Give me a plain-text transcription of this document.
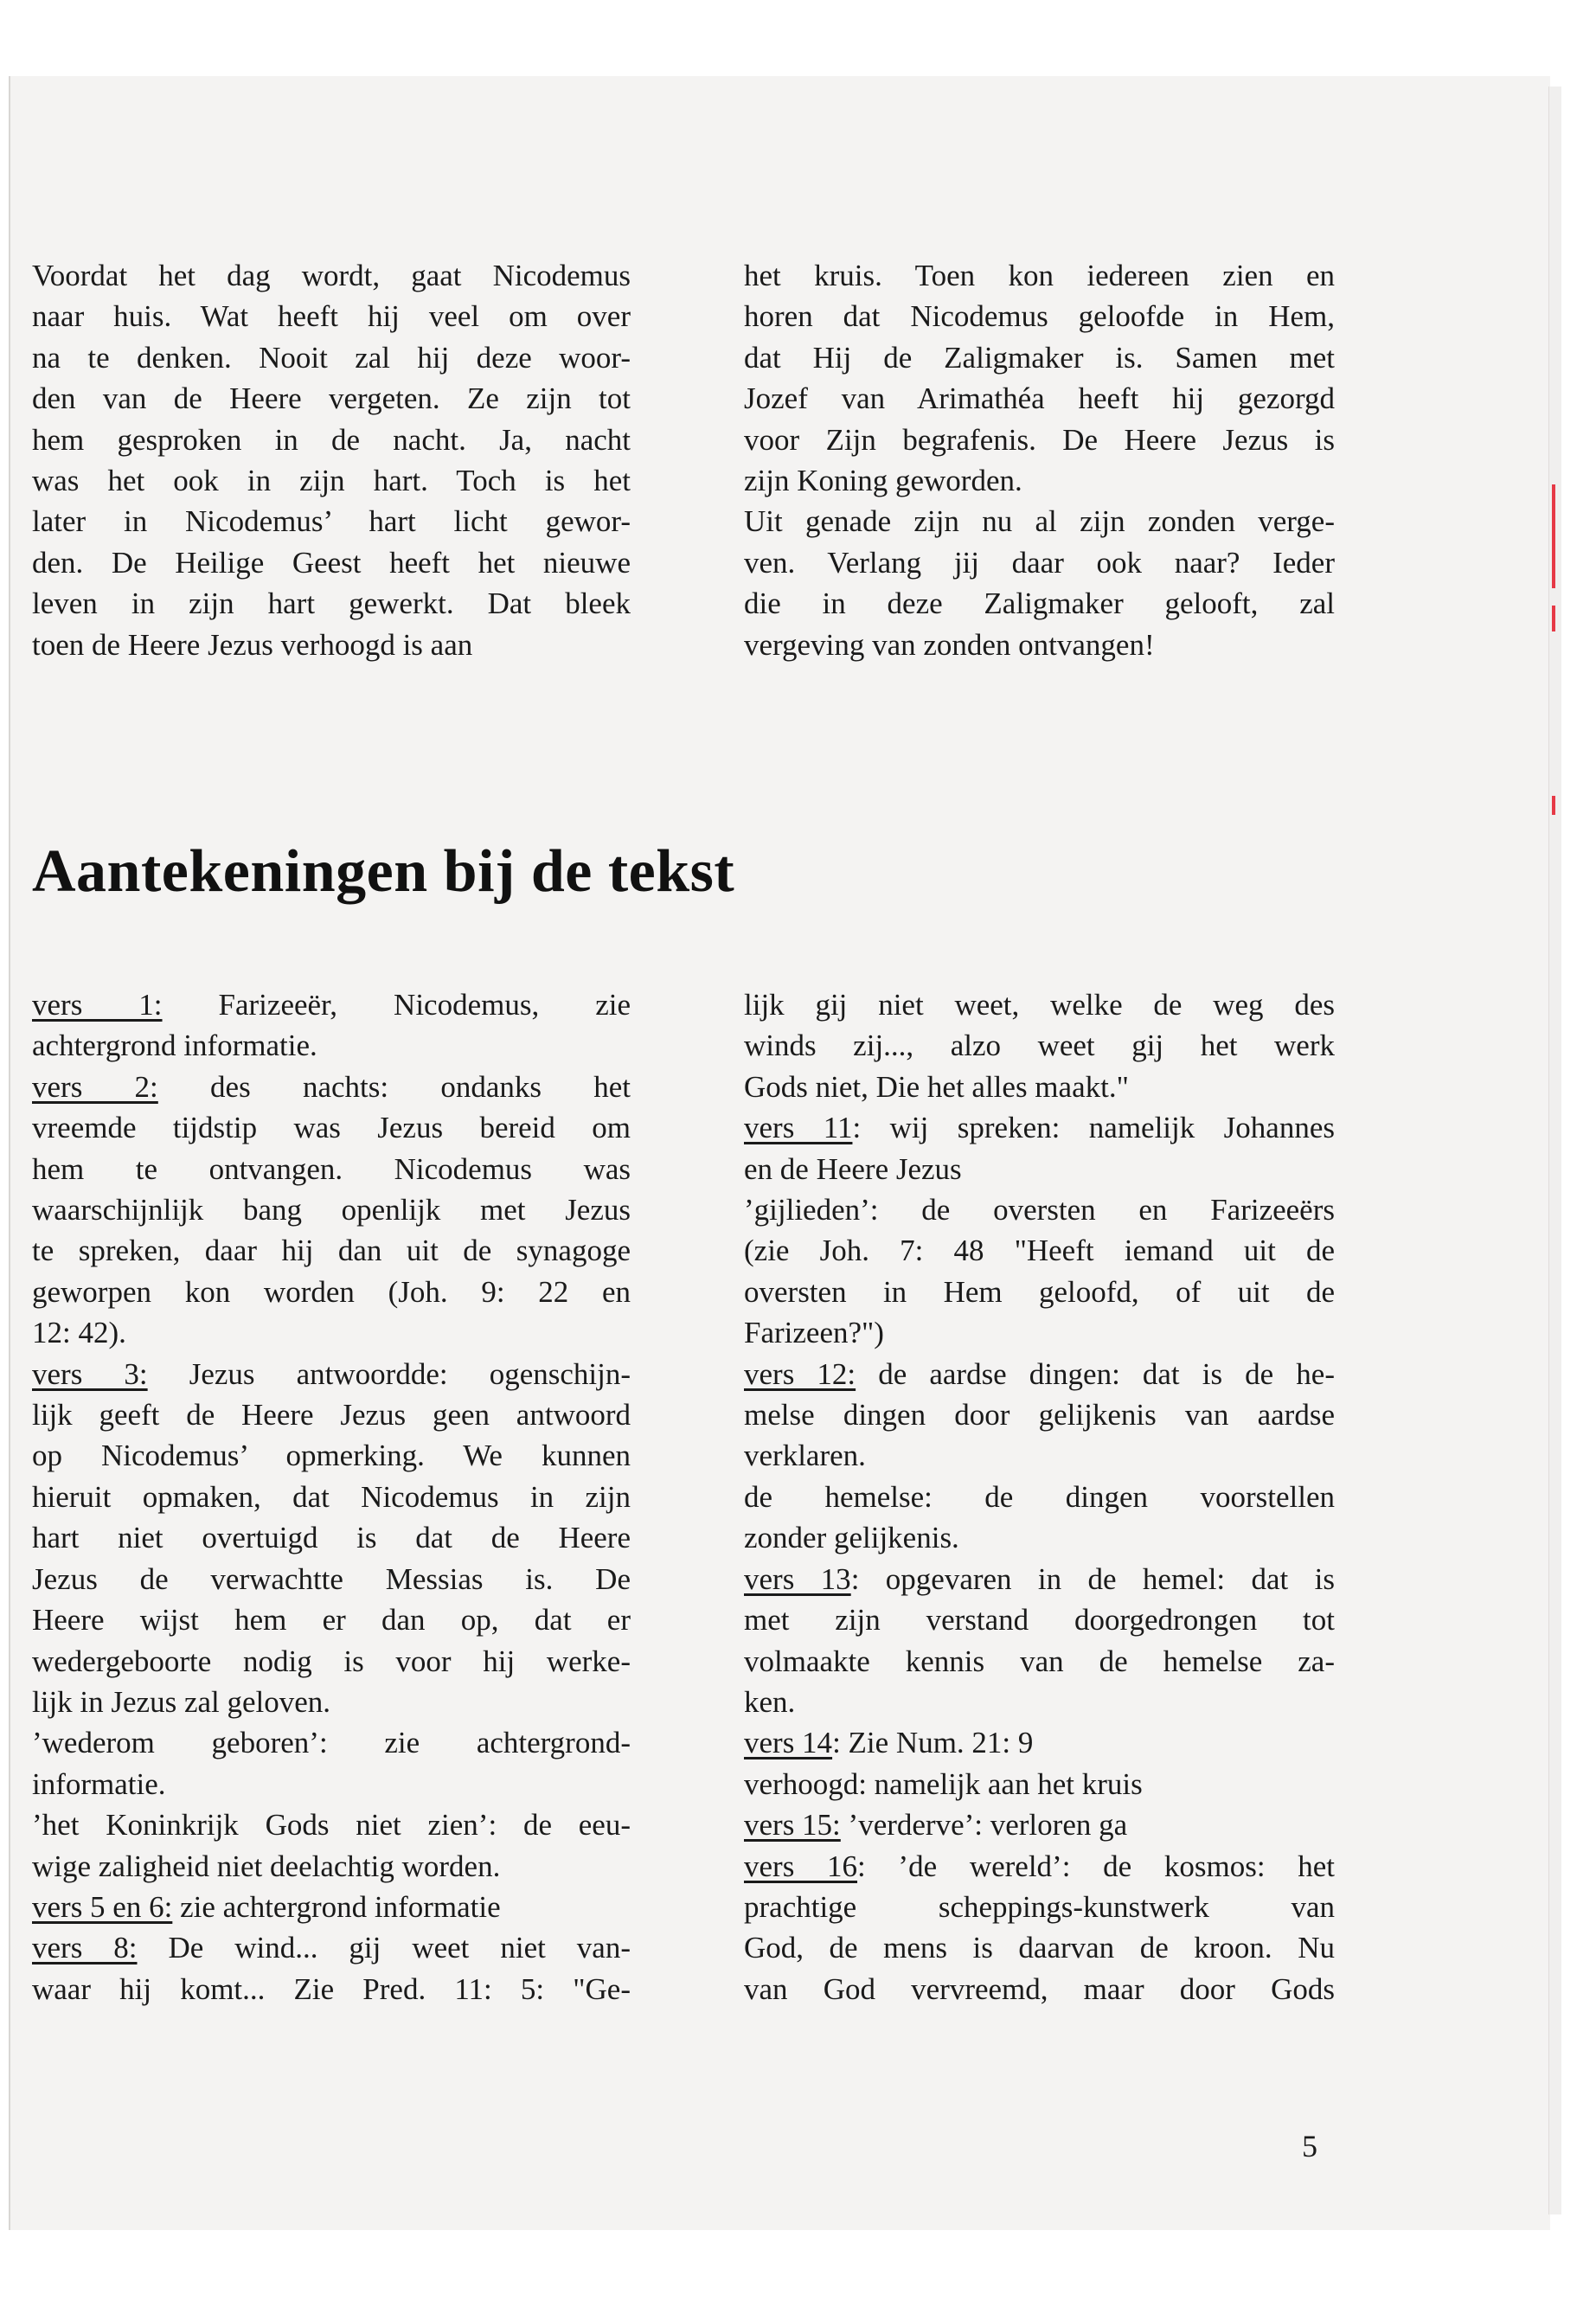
Voordat het dag wordt, gaat Nicodemus
naar huis. Wat heeft hij veel om over
na te denken. Nooit zal hij deze woor-
den van de Heere vergeten. Ze zijn tot
hem gesproken in de nacht. Ja, nacht
was het ook in zijn hart. Toch is het
later in Nicodemus’ hart licht gewor-
den. De Heilige Geest heeft het nieuwe
leven in zijn hart gewerkt. Dat bleek
toen de Heere Jezus verhoogd is aan
het kruis. Toen kon iedereen zien en
horen dat Nicodemus geloofde in Hem,
dat Hij de Zaligmaker is. Samen met
Jozef van Arimathéa heeft hij gezorgd
voor Zijn begrafenis. De Heere Jezus is
zijn Koning geworden.
Uit genade zijn nu al zijn zonden verge-
ven. Verlang jij daar ook naar? Ieder
die in deze Zaligmaker gelooft, zal
vergeving van zonden ontvangen!
Aantekeningen bij de tekst
vers 1: Farizeeër, Nicodemus, zie
achtergrond informatie.
vers 2: des nachts: ondanks het
vreemde tijdstip was Jezus bereid om
hem te ontvangen. Nicodemus was
waarschijnlijk bang openlijk met Jezus
te spreken, daar hij dan uit de synagoge
geworpen kon worden (Joh. 9: 22 en
12: 42).
vers 3: Jezus antwoordde: ogenschijn-
lijk geeft de Heere Jezus geen antwoord
op Nicodemus’ opmerking. We kunnen
hieruit opmaken, dat Nicodemus in zijn
hart niet overtuigd is dat de Heere
Jezus de verwachtte Messias is. De
Heere wijst hem er dan op, dat er
wedergeboorte nodig is voor hij werke-
lijk in Jezus zal geloven.
’wederom geboren’: zie achtergrond-
informatie.
’het Koninkrijk Gods niet zien’: de eeu-
wige zaligheid niet deelachtig worden.
vers 5 en 6: zie achtergrond informatie
vers 8: De wind... gij weet niet van-
waar hij komt... Zie Pred. 11: 5: "Ge-
lijk gij niet weet, welke de weg des
winds zij..., alzo weet gij het werk
Gods niet, Die het alles maakt."
vers 11: wij spreken: namelijk Johannes
en de Heere Jezus
’gijlieden’: de oversten en Farizeeërs
(zie Joh. 7: 48 "Heeft iemand uit de
oversten in Hem geloofd, of uit de
Farizeen?")
vers 12: de aardse dingen: dat is de he-
melse dingen door gelijkenis van aardse
verklaren.
de hemelse: de dingen voorstellen
zonder gelijkenis.
vers 13: opgevaren in de hemel: dat is
met zijn verstand doorgedrongen tot
volmaakte kennis van de hemelse za-
ken.
vers 14: Zie Num. 21: 9
verhoogd: namelijk aan het kruis
vers 15: ’verderve’: verloren ga
vers 16: ’de wereld’: de kosmos: het
prachtige scheppings-kunstwerk van
God, de mens is daarvan de kroon. Nu
van God vervreemd, maar door Gods
5
